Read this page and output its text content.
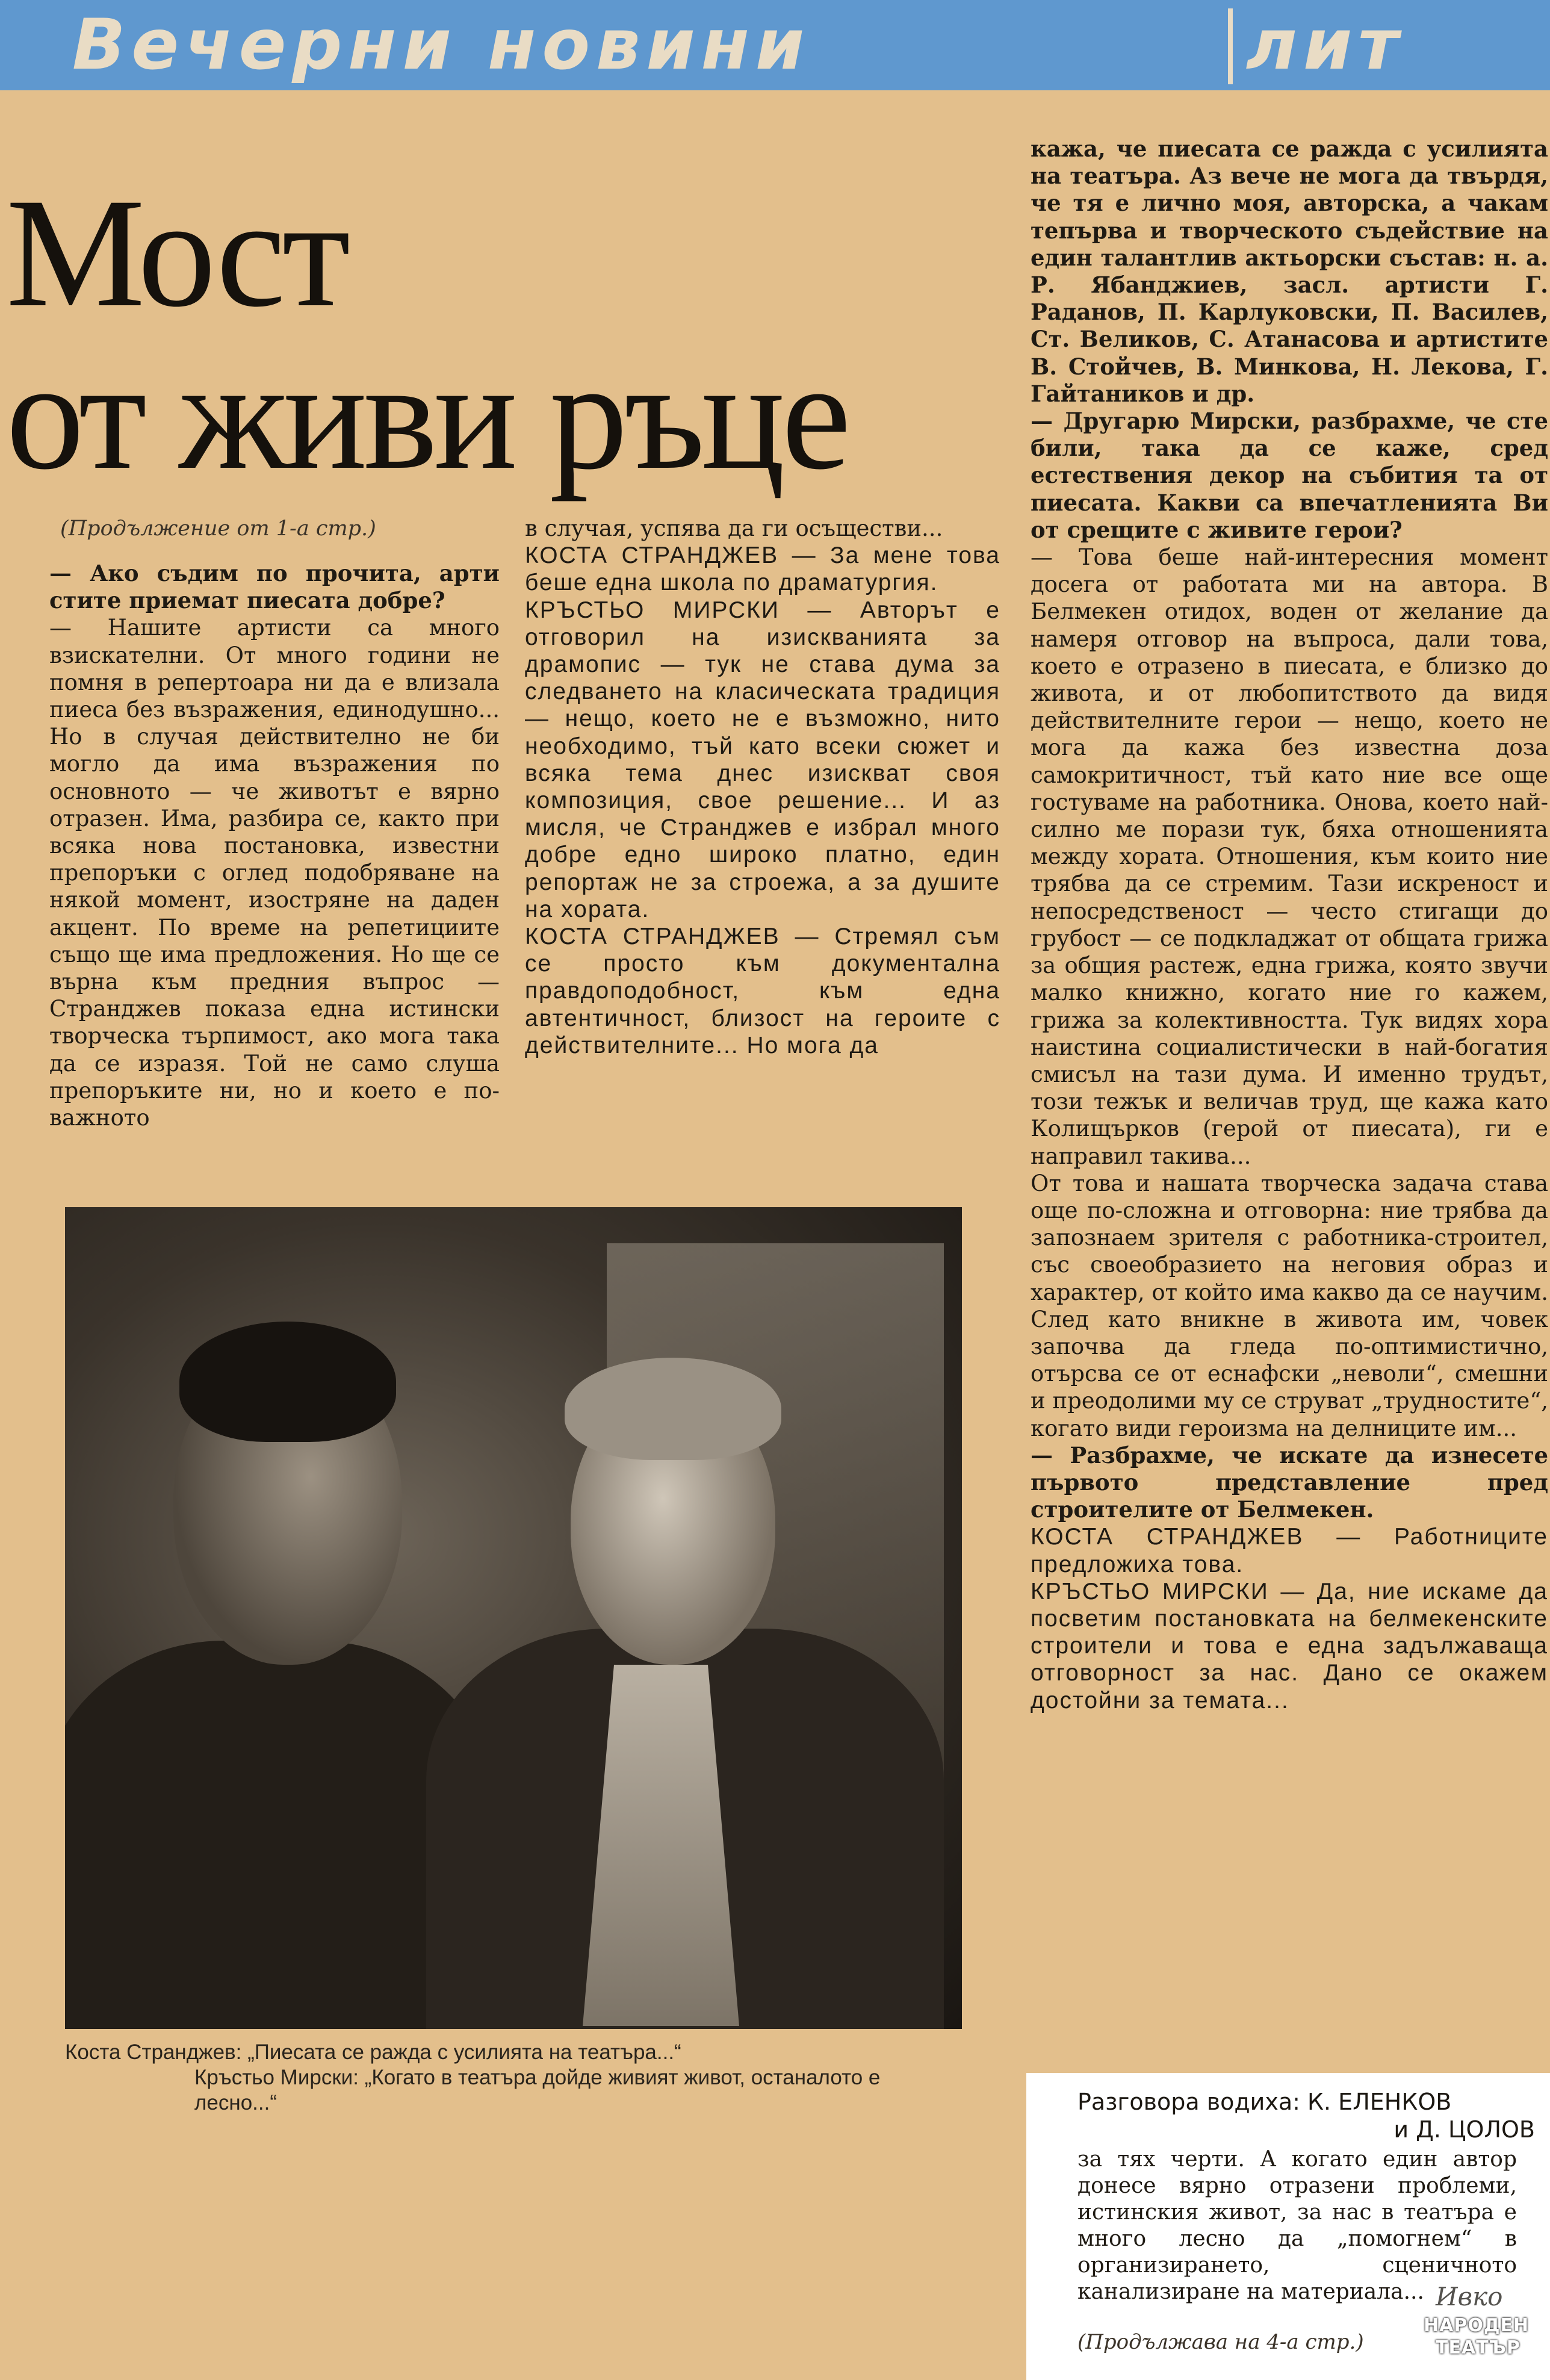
Вечерни новини	лит
Мост
от живи ръце
(Продължение от 1-а стр.)

— Ако съдим по прочита, арти стите приемат пиесата добре?

— Нашите артисти са много взискателни. От много години не помня в репертоара ни да е влизала пиеса без възражения, единодушно... Но в случая действително не би могло да има възражения по основното — че животът е вярно отразен. Има, разбира се, както при всяка нова постановка, известни препоръки с оглед подобряване на някой момент, изостряне на даден акцент. По време на репетициите също ще има предложения. Но ще се върна към предния въпрос — Странджев показа една истински творческа търпимост, ако мога така да се изразя. Той не само слуша препоръките ни, но и което е по-важното

в случая, успява да ги осъществи...

КОСТА СТРАНДЖЕВ — За мене това беше една школа по драматургия.

КРЪСТЬО МИРСКИ — Авторът е отговорил на изискванията за драмопис — тук не става дума за следването на класическата традиция — нещо, което не е възможно, нито необходимо, тъй като всеки сюжет и всяка тема днес изискват своя композиция, свое решение... И аз мисля, че Странджев е избрал много добре едно широко платно, един репортаж не за строежа, а за душите на хората.

КОСТА СТРАНДЖЕВ — Стремял съм се просто към документална правдоподобност, към една автентичност, близост на героите с действителните... Но мога да

кажа, че пиесата се ражда с усилията на театъра. Аз вече не мога да твърдя, че тя е лично моя, авторска, а чакам тепърва и творческото съдействие на един талантлив актьорски състав: н. а. Р. Ябанджиев, засл. артисти Г. Раданов, П. Карлуковски, П. Василев, Ст. Великов, С. Атанасова и артистите В. Стойчев, В. Минкова, Н. Лекова, Г. Гайтаников и др.

— Другарю Мирски, разбрахме, че сте били, така да се каже, сред естествения декор на събития та от пиесата. Какви са впечатленията Ви от срещите с живите герои?

— Това беше най-интересния момент досега от работата ми на автора. В Белмекен отидох, воден от желание да намеря отговор на въпроса, дали това, което е отразено в пиесата, е близко до живота, и от любопитството да видя действителните герои — нещо, което не мога да кажа без известна доза самокритичност, тъй като ние все още гостуваме на работника. Онова, което най-силно ме порази тук, бяха отношенията между хората. Отношения, към които ние трябва да се стремим. Тази искреност и непосредственост — често стигащи до грубост — се подкладжат от общата грижа за общия растеж, една грижа, която звучи малко книжно, когато ние го кажем, грижа за колективността. Тук видях хора наистина социалистически в най-богатия смисъл на тази дума. И именно трудът, този тежък и величав труд, ще кажа като Колищърков (герой от пиесата), ги е направил такива...

От това и нашата творческа задача става още по-сложна и отговорна: ние трябва да запознаем зрителя с работника-строител, със своеобразието на неговия образ и характер, от който има какво да се научим. След като вникне в живота им, човек започва да гледа по-оптимистично, отърсва се от еснафски „неволи“, смешни и преодолими му се струват „трудностите“, когато види героизма на делниците им...

— Разбрахме, че искате да изнесете първото представление пред строителите от Белмекен.

КОСТА СТРАНДЖЕВ — Работниците предложиха това.

КРЪСТЬО МИРСКИ — Да, ние искаме да посветим постановката на белмекенските строители и това е една задължаваща отговорност за нас. Дано се окажем достойни за темата...

Коста Странджев: „Пиесата се ражда с усилията на театъра...“

Кръстьо Мирски: „Когато в театъра дойде живият живот, останалото е лесно...“	Разговора водиха: К. ЕЛЕНКОВ
и Д. ЦОЛОВ

за тях черти. А когато един автор донесе вярно отразени проблеми, истинския живот, за нас в театъра е много лесно да „помогнем“ в организирането, сценичното канализиране на материала...

(Продължава на 4-а стр.)
Ивко
НАРОДЕН
ТЕАТЪР
